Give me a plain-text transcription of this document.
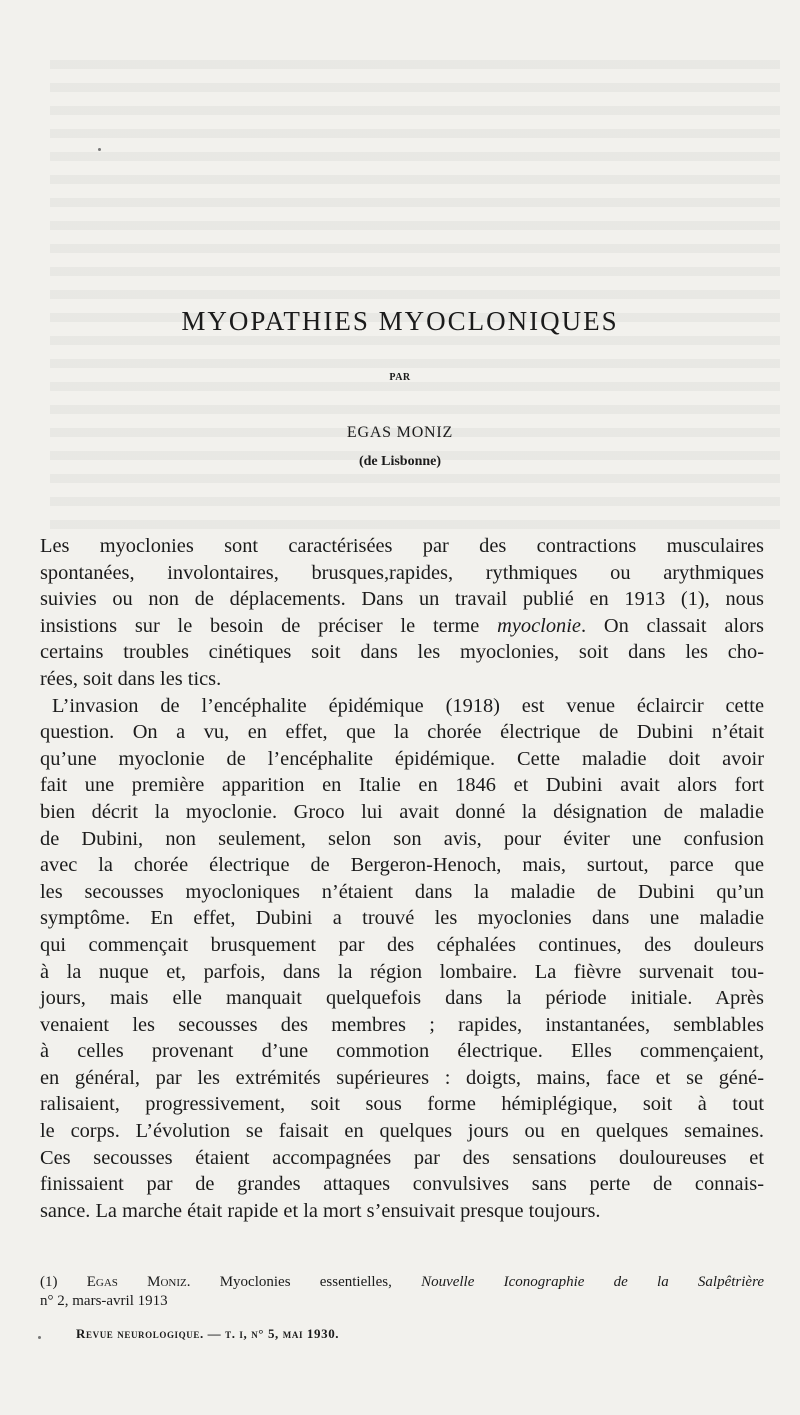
MYOPATHIES MYOCLONIQUES
PAR
EGAS MONIZ
(de Lisbonne)
Les myoclonies sont caractérisées par des contractions musculaires
spontanées, involontaires, brusques,rapides, rythmiques ou arythmiques
suivies ou non de déplacements. Dans un travail publié en 1913 (1), nous
insistions sur le besoin de préciser le terme myoclonie. On classait alors
certains troubles cinétiques soit dans les myoclonies, soit dans les cho-
rées, soit dans les tics.
L’invasion de l’encéphalite épidémique (1918) est venue éclaircir cette
question. On a vu, en effet, que la chorée électrique de Dubini n’était
qu’une myoclonie de l’encéphalite épidémique. Cette maladie doit avoir
fait une première apparition en Italie en 1846 et Dubini avait alors fort
bien décrit la myoclonie. Groco lui avait donné la désignation de maladie
de Dubini, non seulement, selon son avis, pour éviter une confusion
avec la chorée électrique de Bergeron-Henoch, mais, surtout, parce que
les secousses myocloniques n’étaient dans la maladie de Dubini qu’un
symptôme. En effet, Dubini a trouvé les myoclonies dans une maladie
qui commençait brusquement par des céphalées continues, des douleurs
à la nuque et, parfois, dans la région lombaire. La fièvre survenait tou-
jours, mais elle manquait quelquefois dans la période initiale. Après
venaient les secousses des membres ; rapides, instantanées, semblables
à celles provenant d’une commotion électrique. Elles commençaient,
en général, par les extrémités supérieures : doigts, mains, face et se géné-
ralisaient, progressivement, soit sous forme hémiplégique, soit à tout
le corps. L’évolution se faisait en quelques jours ou en quelques semaines.
Ces secousses étaient accompagnées par des sensations douloureuses et
finissaient par de grandes attaques convulsives sans perte de connais-
sance. La marche était rapide et la mort s’ensuivait presque toujours.
(1) Egas Moniz. Myoclonies essentielles, Nouvelle Iconographie de la Salpêtrière
n° 2, mars-avril 1913
Revue neurologique. — t. i, n° 5, mai 1930.
